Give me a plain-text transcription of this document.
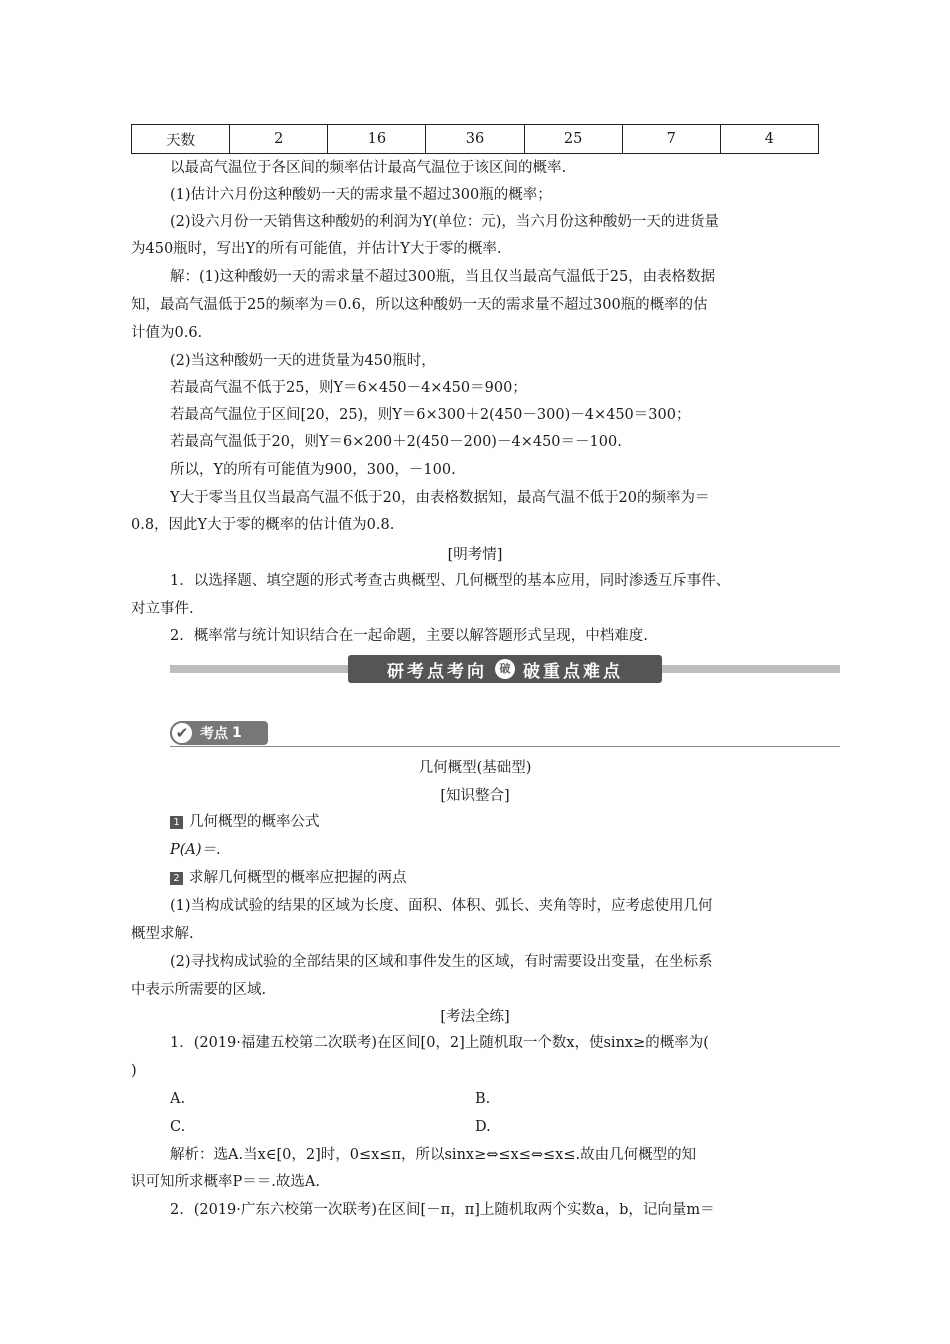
天数	2	16	36	25	7	4
以最高气温位于各区间的频率估计最高气温位于该区间的概率.
(1)估计六月份这种酸奶一天的需求量不超过300瓶的概率；
(2)设六月份一天销售这种酸奶的利润为Y(单位：元)，当六月份这种酸奶一天的进货量
为450瓶时，写出Y的所有可能值，并估计Y大于零的概率.
解：(1)这种酸奶一天的需求量不超过300瓶，当且仅当最高气温低于25，由表格数据
知，最高气温低于25的频率为＝0.6，所以这种酸奶一天的需求量不超过300瓶的概率的估
计值为0.6.
(2)当这种酸奶一天的进货量为450瓶时，
若最高气温不低于25，则Y＝6×450－4×450＝900；
若最高气温位于区间[20，25)，则Y＝6×300＋2(450－300)－4×450＝300；
若最高气温低于20，则Y＝6×200＋2(450－200)－4×450＝－100.
所以，Y的所有可能值为900，300，－100.
Y大于零当且仅当最高气温不低于20，由表格数据知，最高气温不低于20的频率为＝
0.8，因此Y大于零的概率的估计值为0.8.
[明考情]
1．以选择题、填空题的形式考查古典概型、几何概型的基本应用，同时渗透互斥事件、
对立事件.
2．概率常与统计知识结合在一起命题，主要以解答题形式呈现，中档难度.
研考点考向	破 破重点难点
✔ 考点 1
几何概型(基础型)
[知识整合]
1 几何概型的概率公式
P(A)＝.
2 求解几何概型的概率应把握的两点
(1)当构成试验的结果的区域为长度、面积、体积、弧长、夹角等时，应考虑使用几何
概型求解.
(2)寻找构成试验的全部结果的区域和事件发生的区域，有时需要设出变量，在坐标系
中表示所需要的区域.
[考法全练]
1．(2019·福建五校第二次联考)在区间[0，2]上随机取一个数x，使sinx≥的概率为(
)
A.	B.
C.	D.
解析：选A.当x∈[0，2]时，0≤x≤π，所以sinx≥⇔≤x≤⇔≤x≤.故由几何概型的知
识可知所求概率P＝＝.故选A.
2．(2019·广东六校第一次联考)在区间[－π，π]上随机取两个实数a，b，记向量m＝
